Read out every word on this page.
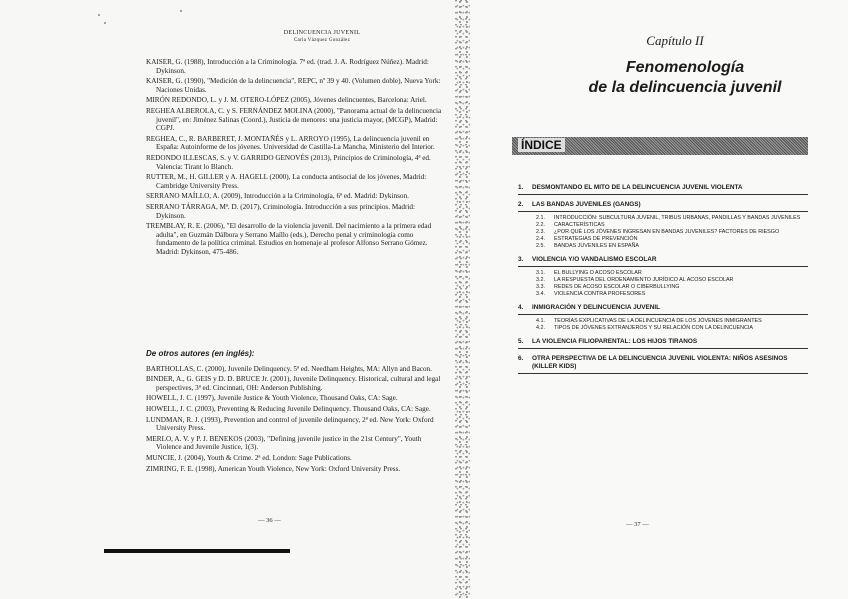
DELINCUENCIA JUVENIL
Carla Vázquez González

KAISER, G. (1988), Introducción a la Criminología. 7ª ed. (trad. J. A. Rodríguez Núñez). Madrid: Dykinson.

KAISER, G. (1990), "Medición de la delincuencia", REPC, nº 39 y 40. (Volumen doble), Nueva York: Naciones Unidas.

MIRÓN REDONDO, L. y J. M. OTERO-LÓPEZ (2005), Jóvenes delincuentes, Barcelona: Ariel.

REGHEA ALBEROLA, C. y S. FERNÁNDEZ MOLINA (2000), "Panorama actual de la delincuencia juvenil", en: Jiménez Salinas (Coord.), Justicia de menores: una justicia mayor, (MCGP), Madrid: CGPJ.

REGHEA, C., R. BARBERET, J. MONTAÑÉS y L. ARROYO (1995), La delincuencia juvenil en España: Autoinforme de los jóvenes. Universidad de Castilla-La Mancha, Ministerio del Interior.

REDONDO ILLESCAS, S. y V. GARRIDO GENOVÉS (2013), Principios de Criminología, 4ª ed. Valencia: Tirant lo Blanch.

RUTTER, M., H. GILLER y A. HAGELL (2000), La conducta antisocial de los jóvenes, Madrid: Cambridge University Press.

SERRANO MAÍLLO, A. (2009), Introducción a la Criminología, 6ª ed. Madrid: Dykinson.

SERRANO TÁRRAGA, Mª. D. (2017), Criminología. Introducción a sus principios. Madrid: Dykinson.

TREMBLAY, R. E. (2006), "El desarrollo de la violencia juvenil. Del nacimiento a la primera edad adulta", en Guzmán Dálbora y Serrano Maíllo (eds.), Derecho penal y criminología como fundamento de la política criminal. Estudios en homenaje al profesor Alfonso Serrano Gómez. Madrid: Dykinson, 475-486.

De otros autores (en inglés):

BARTHOLLAS, C. (2000), Juvenile Delinquency. 5ª ed. Needham Heights, MA: Allyn and Bacon.

BINDER, A., G. GEIS y D. D. BRUCE Jr. (2001), Juvenile Delinquency. Historical, cultural and legal perspectives, 3ª ed. Cincinnati, OH: Anderson Publishing.

HOWELL, J. C. (1997), Juvenile Justice & Youth Violence, Thousand Oaks, CA: Sage.

HOWELL, J. C. (2003), Preventing & Reducing Juvenile Delinquency. Thousand Oaks, CA: Sage.

LUNDMAN, R. J. (1993), Prevention and control of juvenile delinquency, 2ª ed. New York: Oxford University Press.

MERLO, A. V. y P. J. BENEKOS (2003), "Defining juvenile justice in the 21st Century", Youth Violence and Juvenile Justice, 1(3).

MUNCIE, J. (2004), Youth & Crime. 2ª ed. London: Sage Publications.

ZIMRING, F. E. (1998), American Youth Violence, New York: Oxford University Press.

— 36 —
Capítulo II
Fenomenología
de la delincuencia juvenil
ÍNDICE
1.	DESMONTANDO EL MITO DE LA DELINCUENCIA JUVENIL VIOLENTA
2.	LAS BANDAS JUVENILES (GANGS)
2.1.	INTRODUCCIÓN: SUBCULTURA JUVENIL, TRIBUS URBANAS, PANDILLAS Y BANDAS JUVENILES
2.2.	CARACTERÍSTICAS
2.3.	¿POR QUÉ LOS JÓVENES INGRESAN EN BANDAS JUVENILES? FACTORES DE RIESGO
2.4.	ESTRATEGIAS DE PREVENCIÓN
2.5.	BANDAS JUVENILES EN ESPAÑA
3.	VIOLENCIA Y/O VANDALISMO ESCOLAR
3.1.	EL BULLYING O ACOSO ESCOLAR
3.2.	LA RESPUESTA DEL ORDENAMIENTO JURÍDICO AL ACOSO ESCOLAR
3.3.	REDES DE ACOSO ESCOLAR O CIBERBULLYING
3.4.	VIOLENCIA CONTRA PROFESORES
4.	INMIGRACIÓN Y DELINCUENCIA JUVENIL
4.1.	TEORÍAS EXPLICATIVAS DE LA DELINCUENCIA DE LOS JÓVENES INMIGRANTES
4.2.	TIPOS DE JÓVENES EXTRANJEROS Y SU RELACIÓN CON LA DELINCUENCIA
5.	LA VIOLENCIA FILIOPARENTAL: LOS HIJOS TIRANOS
6.	OTRA PERSPECTIVA DE LA DELINCUENCIA JUVENIL VIOLENTA: NIÑOS ASESINOS (KILLER KIDS)
— 37 —
